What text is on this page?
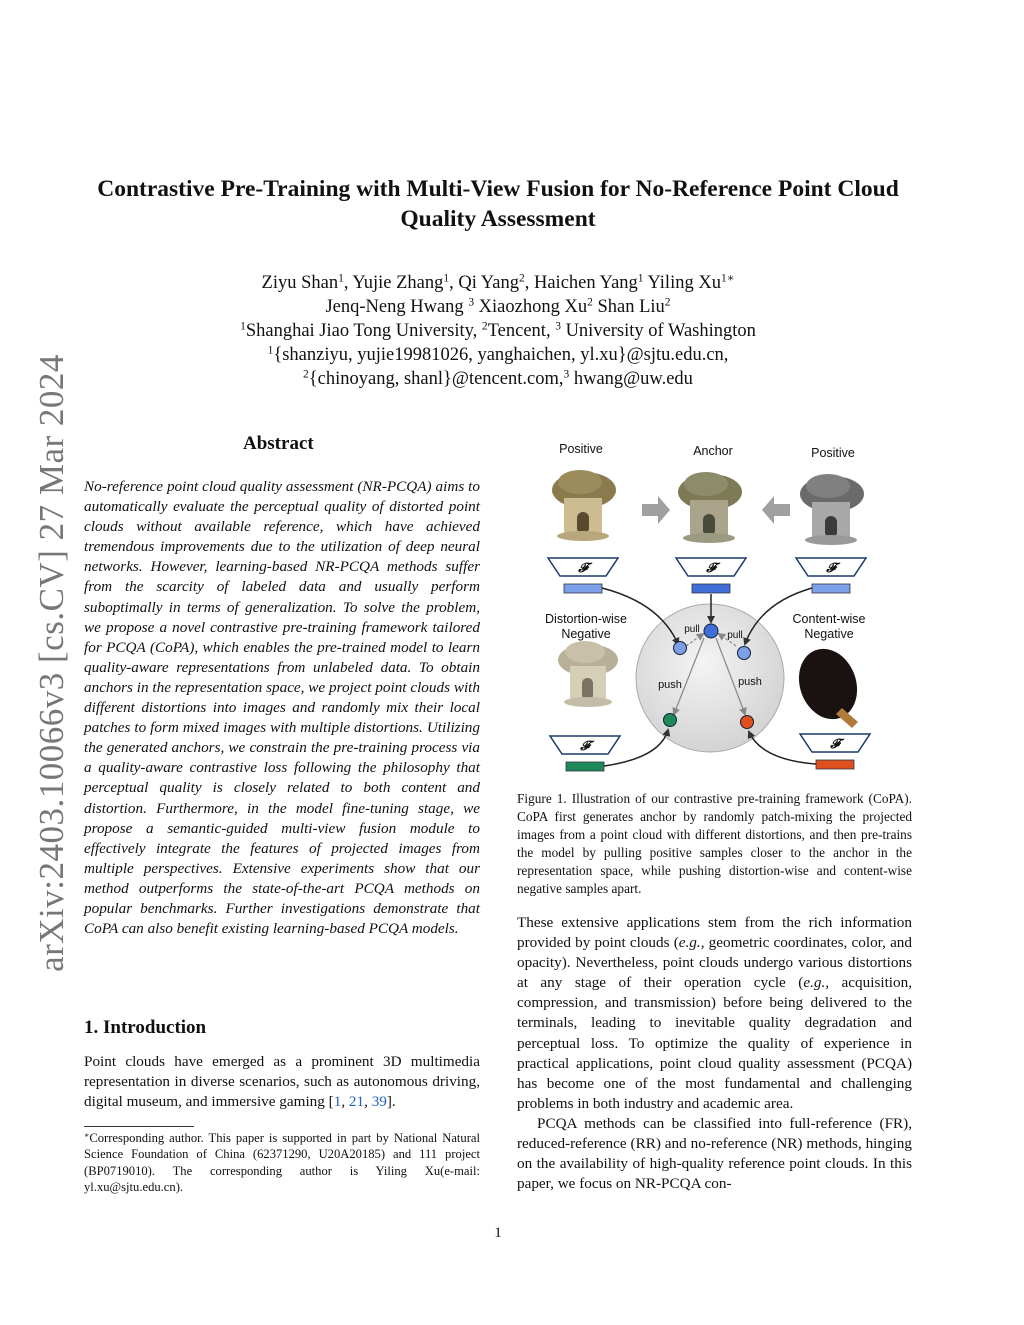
arXiv:2403.10066v3 [cs.CV] 27 Mar 2024
Contrastive Pre-Training with Multi-View Fusion for No-Reference Point Cloud
Quality Assessment
Ziyu Shan$^1$, Yujie Zhang$^1$, Qi Yang$^2$, Haichen Yang$^1$ Yiling $Xu^{1∗}$
Jenq-Neng Hwang $^3$ Xiaozhong Xu$^2$ Shan Liu$^2$
$^1$Shanghai Jiao Tong University, $^2$Tencent, $^3$ University of Washington
$^1${shanziyu, yujie19981026, yanghaichen, yl.xu}@sjtu.edu.cn,
$^2${chinoyang, shanl}@tencent.com,$^3$ hwang@uw.edu
Abstract
No-reference point cloud quality assessment (NR-PCQA) aims to automatically evaluate the perceptual quality of distorted point clouds without available reference, which have achieved tremendous improvements due to the utilization of deep neural networks. However, learning-based NR-PCQA methods suffer from the scarcity of labeled data and usually perform suboptimally in terms of generalization. To solve the problem, we propose a novel contrastive pre-training framework tailored for PCQA (CoPA), which enables the pre-trained model to learn quality-aware representations from unlabeled data. To obtain anchors in the representation space, we project point clouds with different distortions into images and randomly mix their local patches to form mixed images with multiple distortions. Utilizing the generated anchors, we constrain the pre-training process via a quality-aware contrastive loss following the philosophy that perceptual quality is closely related to both content and distortion. Furthermore, in the model fine-tuning stage, we propose a semantic-guided multi-view fusion module to effectively integrate the features of projected images from multiple perspectives. Extensive experiments show that our method outperforms the state-of-the-art PCQA methods on popular benchmarks. Further investigations demonstrate that CoPA can also benefit existing learning-based PCQA models.
1. Introduction
Point clouds have emerged as a prominent 3D multimedia representation in diverse scenarios, such as autonomous driving, digital museum, and immersive gaming [1, 21, 39].
∗Corresponding author. This paper is supported in part by National Natural Science Foundation of China (62371290, U20A20185) and 111 project (BP0719010). The corresponding author is Yiling Xu(e-mail: yl.xu@sjtu.edu.cn).
Positive	Anchor	Positive
Distortion-wise Negative
Content-wise Negative
𝓕	𝓕	𝓕
pull
pull
push	push
𝓕	𝓕
Figure 1. Illustration of our contrastive pre-training framework (CoPA). CoPA first generates anchor by randomly patch-mixing the projected images from a point cloud with different distortions, and then pre-trains the model by pulling positive samples closer to the anchor in the representation space, while pushing distortion-wise and content-wise negative samples apart.

These extensive applications stem from the rich information provided by point clouds (e.g., geometric coordinates, color, and opacity). Nevertheless, point clouds undergo various distortions at any stage of their operation cycle (e.g., acquisition, compression, and transmission) before being delivered to the terminals, leading to inevitable quality degradation and perceptual loss. To optimize the quality of experience in practical applications, point cloud quality assessment (PCQA) has become one of the most fundamental and challenging problems in both industry and academic area.

PCQA methods can be classified into full-reference (FR), reduced-reference (RR) and no-reference (NR) methods, hinging on the availability of high-quality reference point clouds. In this paper, we focus on NR-PCQA con-

1
